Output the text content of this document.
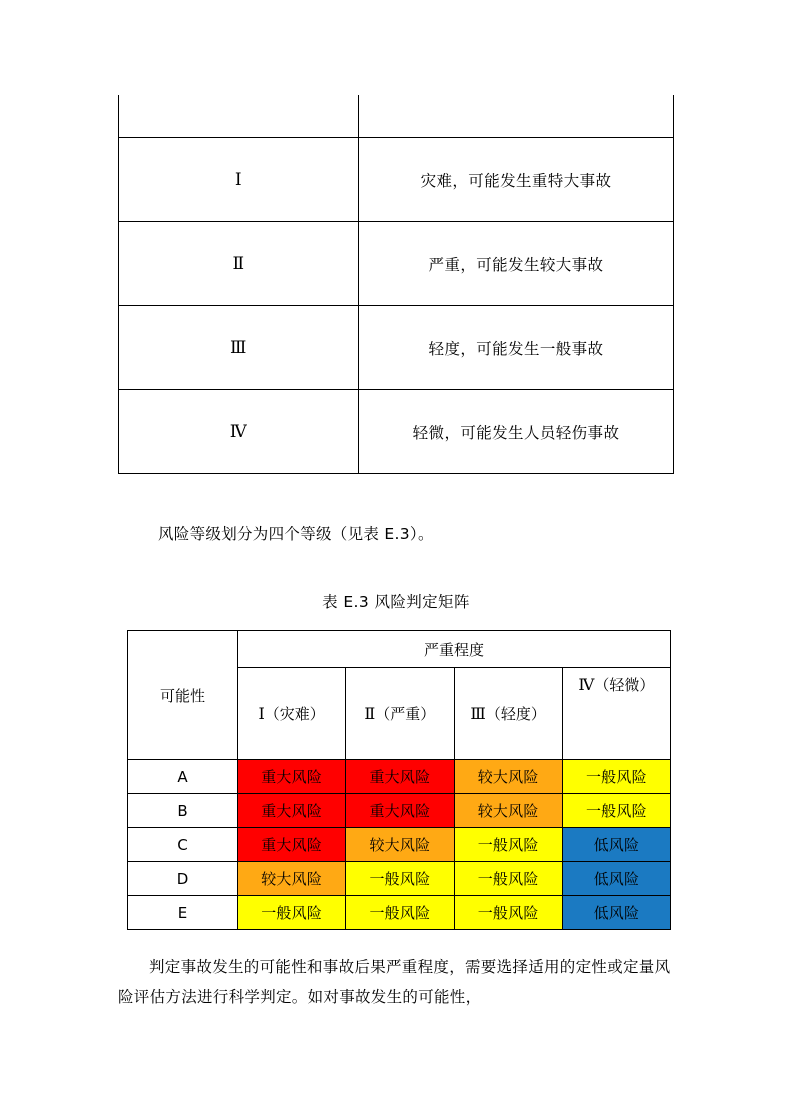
Ⅰ	灾难，可能发生重特大事故
Ⅱ	严重，可能发生较大事故
Ⅲ	轻度，可能发生一般事故
Ⅳ	轻微，可能发生人员轻伤事故
风险等级划分为四个等级（见表 E.3）。
表 E.3 风险判定矩阵
可能性	严重程度			
	Ⅰ（灾难）	Ⅱ（严重）	Ⅲ（轻度）	Ⅳ（轻微）
A	重大风险	重大风险	较大风险	一般风险
B	重大风险	重大风险	较大风险	一般风险
C	重大风险	较大风险	一般风险	低风险
D	较大风险	一般风险	一般风险	低风险
E	一般风险	一般风险	一般风险	低风险
判定事故发生的可能性和事故后果严重程度，需要选择适用的定性或定量风险评估方法进行科学判定。如对事故发生的可能性，
